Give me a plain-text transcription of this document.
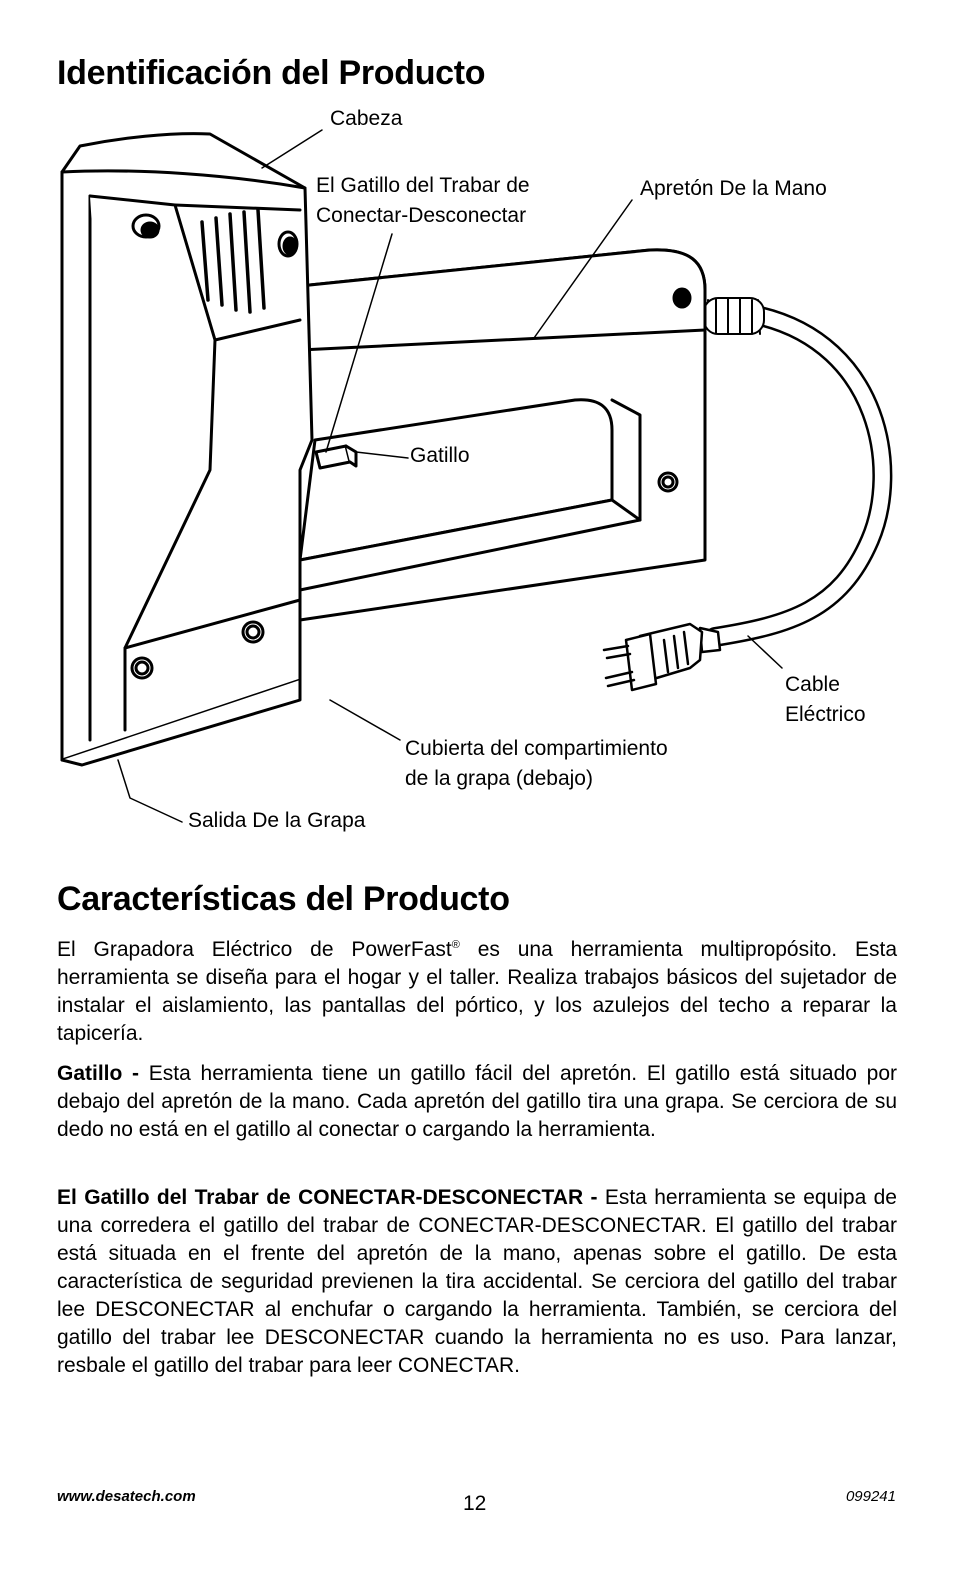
Identificación del Producto
Cabeza
El Gatillo del Trabar de
Conectar-Desconectar
Apretón De la Mano
Gatillo
Cable
Eléctrico
Cubierta del compartimiento
de la grapa (debajo)
Salida De la Grapa
Características del Producto

El Grapadora Eléctrico de PowerFast® es una herramienta multipropósito. Esta herramienta se diseña para el hogar y el taller. Realiza trabajos básicos del sujetador de instalar el aislamiento, las pantallas del pórtico, y los azulejos del techo a reparar la tapicería.

Gatillo - Esta herramienta tiene un gatillo fácil del apretón. El gatillo está situado por debajo del apretón de la mano. Cada apretón del gatillo tira una grapa. Se cerciora de su dedo no está en el gatillo al conectar o cargando la herramienta.

El Gatillo del Trabar de CONECTAR-DESCONECTAR - Esta herramienta se equipa de una corredera el gatillo del trabar de CONECTAR-DESCONECTAR. El gatillo del trabar está situada en el frente del apretón de la mano, apenas sobre el gatillo. De esta característica de seguridad previenen la tira accidental. Se cerciora del gatillo del trabar lee DESCONECTAR al enchufar o cargando la herramienta. También, se cerciora del gatillo del trabar lee DESCONECTAR cuando la herramienta no es uso. Para lanzar, resbale el gatillo del trabar para leer CONECTAR.

www.desatech.com	12	099241
